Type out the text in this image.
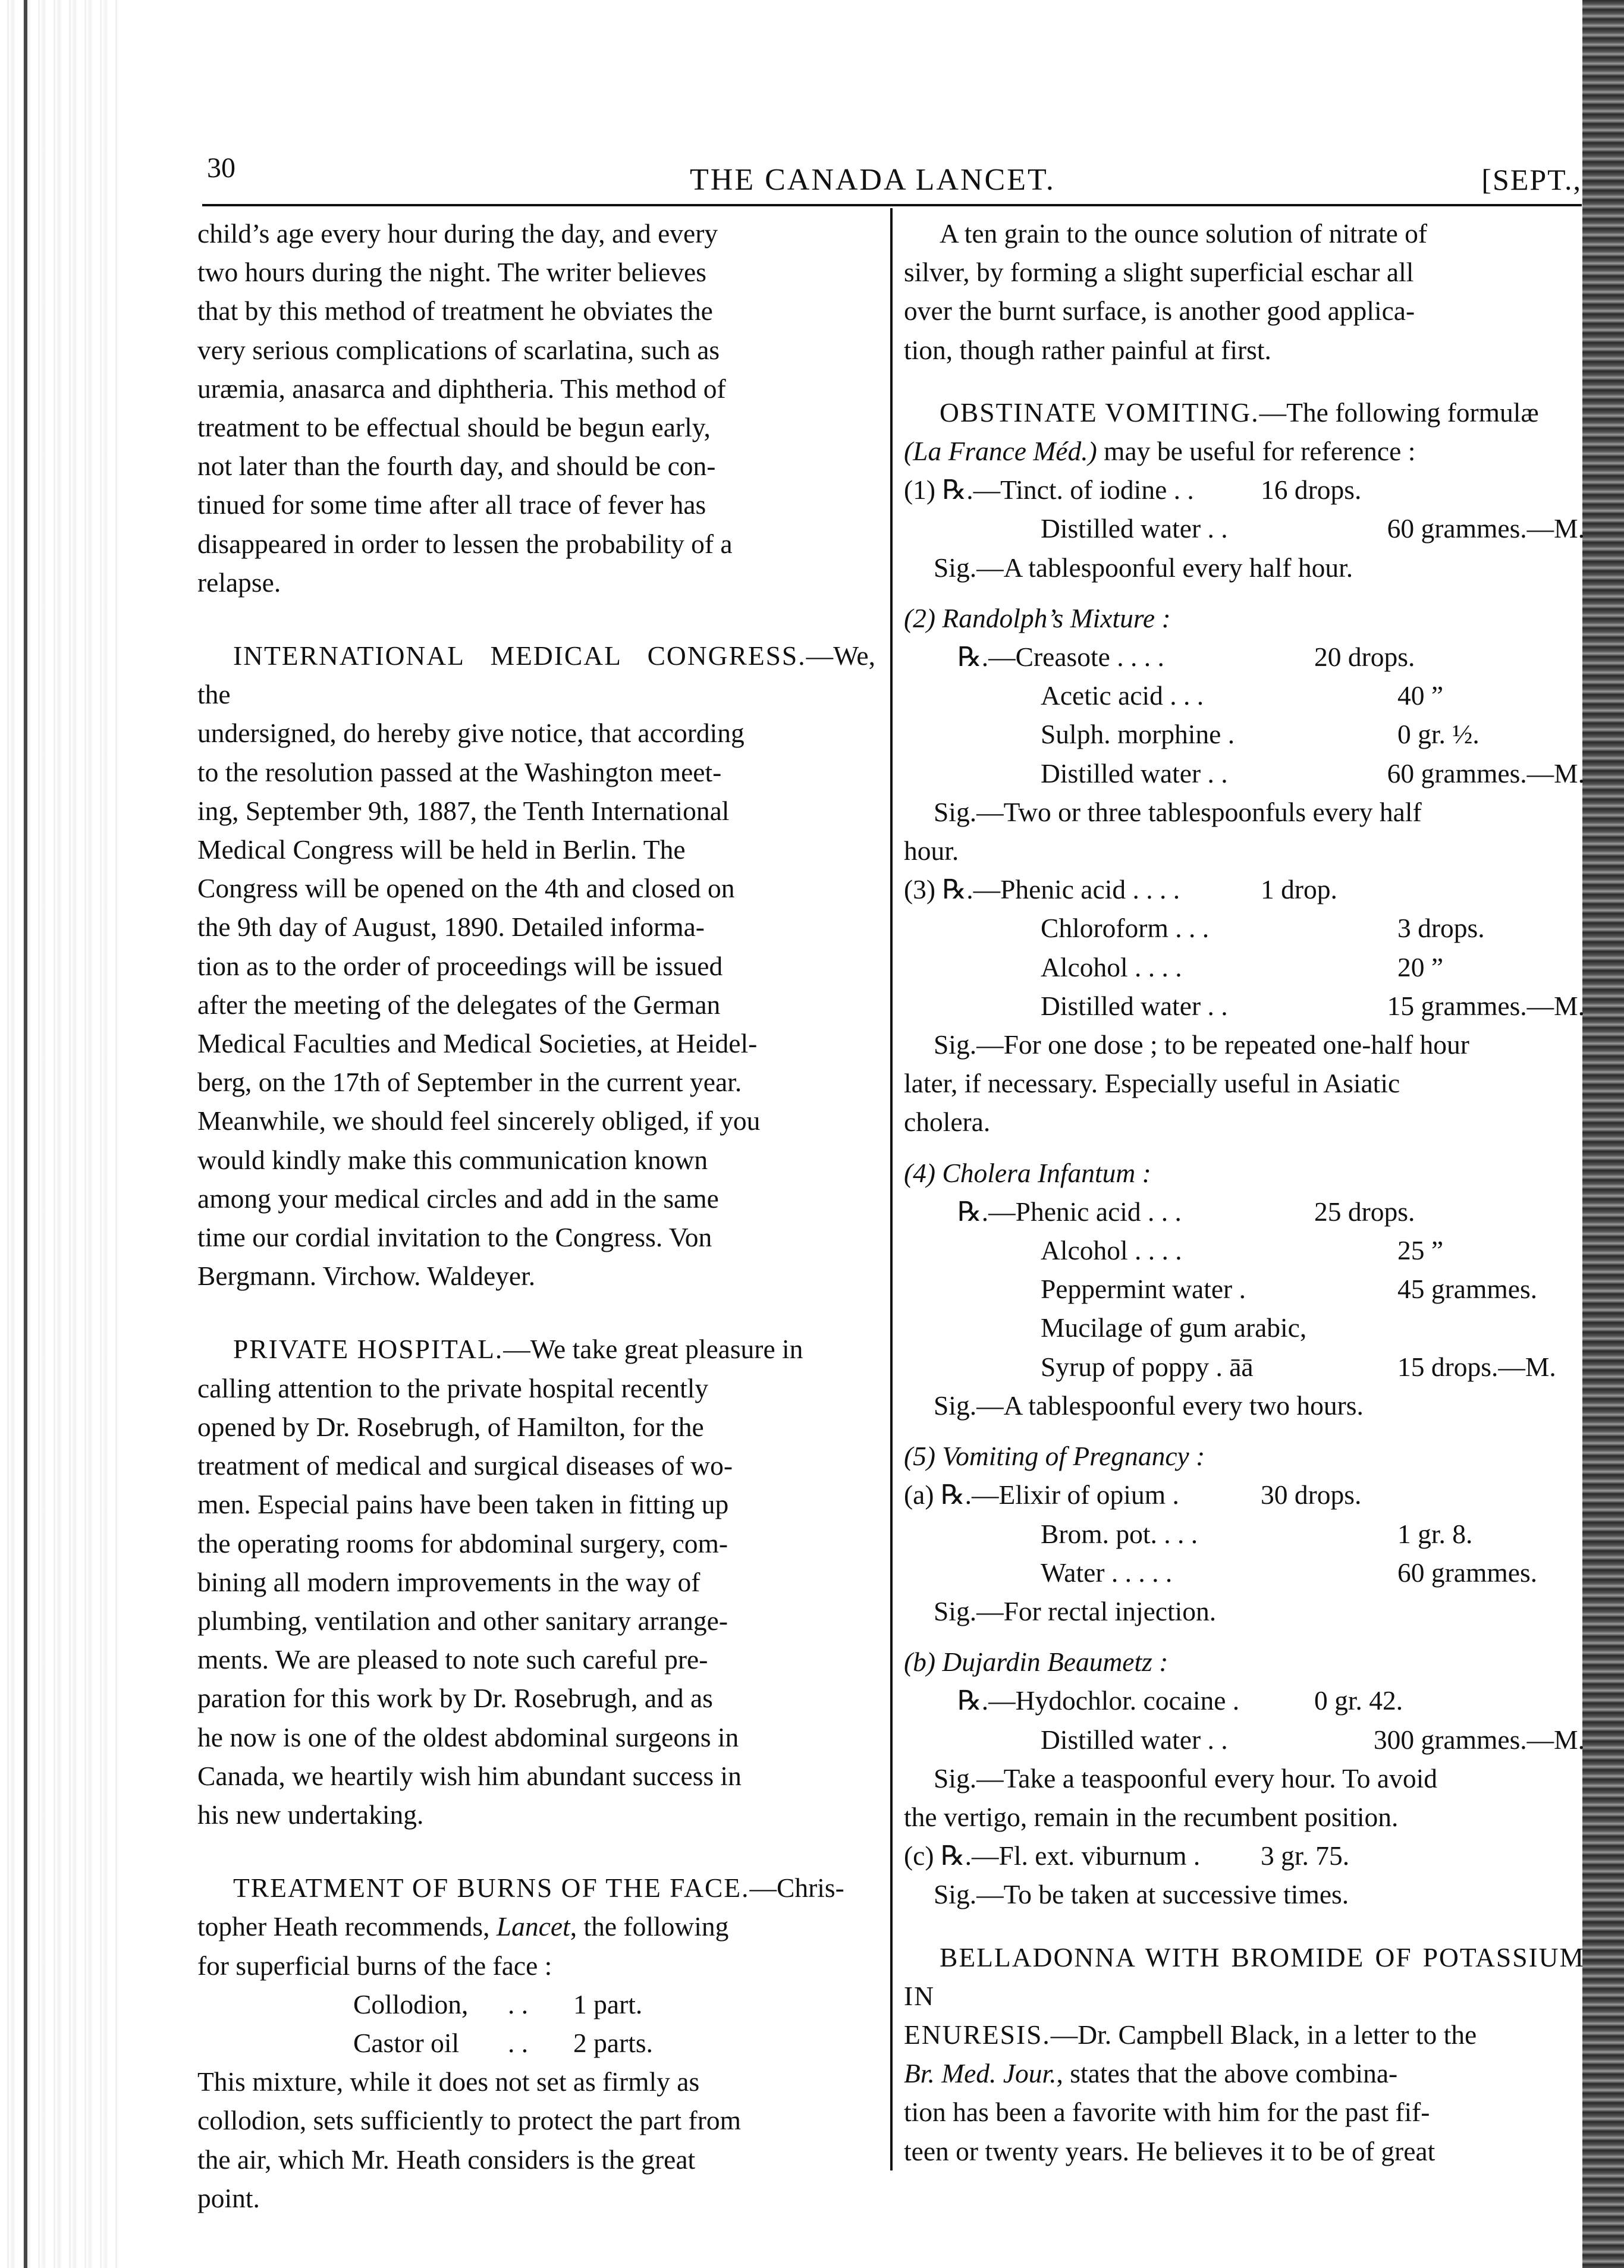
30	THE CANADA LANCET.	[SEPT.,
child’s age every hour during the day, and every
two hours during the night. The writer believes
that by this method of treatment he obviates the
very serious complications of scarlatina, such as
uræmia, anasarca and diphtheria. This method of
treatment to be effectual should be begun early,
not later than the fourth day, and should be con-
tinued for some time after all trace of fever has
disappeared in order to lessen the probability of a
relapse.
INTERNATIONAL MEDICAL CONGRESS.—We, the
undersigned, do hereby give notice, that according
to the resolution passed at the Washington meet-
ing, September 9th, 1887, the Tenth International
Medical Congress will be held in Berlin. The
Congress will be opened on the 4th and closed on
the 9th day of August, 1890. Detailed informa-
tion as to the order of proceedings will be issued
after the meeting of the delegates of the German
Medical Faculties and Medical Societies, at Heidel-
berg, on the 17th of September in the current year.
Meanwhile, we should feel sincerely obliged, if you
would kindly make this communication known
among your medical circles and add in the same
time our cordial invitation to the Congress. Von
Bergmann. Virchow. Waldeyer.
PRIVATE HOSPITAL.—We take great pleasure in
calling attention to the private hospital recently
opened by Dr. Rosebrugh, of Hamilton, for the
treatment of medical and surgical diseases of wo-
men. Especial pains have been taken in fitting up
the operating rooms for abdominal surgery, com-
bining all modern improvements in the way of
plumbing, ventilation and other sanitary arrange-
ments. We are pleased to note such careful pre-
paration for this work by Dr. Rosebrugh, and as
he now is one of the oldest abdominal surgeons in
Canada, we heartily wish him abundant success in
his new undertaking.
TREATMENT OF BURNS OF THE FACE.—Chris-
topher Heath recommends, Lancet, the following
for superficial burns of the face :
Collodion,	. .	1 part.
Castor oil	. .	2 parts.
This mixture, while it does not set as firmly as
collodion, sets sufficiently to protect the part from
the air, which Mr. Heath considers is the great
point.
A ten grain to the ounce solution of nitrate of
silver, by forming a slight superficial eschar all
over the burnt surface, is another good applica-
tion, though rather painful at first.
OBSTINATE VOMITING.—The following formulæ
(La France Méd.) may be useful for reference :
(1) ℞.—Tinct. of iodine . .	16 drops.
Distilled water . .	60 grammes.—M.
Sig.—A tablespoonful every half hour.
(2) Randolph’s Mixture :
℞.—Creasote . . . .	20 drops.
Acetic acid . . .	40 ”
Sulph. morphine .	0 gr. ½.
Distilled water . .	60 grammes.—M.
Sig.—Two or three tablespoonfuls every half
hour.
(3) ℞.—Phenic acid . . . .	1 drop.
Chloroform . . .	3 drops.
Alcohol . . . .	20 ”
Distilled water . .	15 grammes.—M.
Sig.—For one dose ; to be repeated one-half hour
later, if necessary. Especially useful in Asiatic
cholera.
(4) Cholera Infantum :
℞.—Phenic acid . . .	25 drops.
Alcohol . . . .	25 ”
Peppermint water .	45 grammes.
Mucilage of gum arabic,
Syrup of poppy . āā	15 drops.—M.
Sig.—A tablespoonful every two hours.
(5) Vomiting of Pregnancy :
(a) ℞.—Elixir of opium .	30 drops.
Brom. pot. . . .	1 gr. 8.
Water . . . . .	60 grammes.
Sig.—For rectal injection.
(b) Dujardin Beaumetz :
℞.—Hydochlor. cocaine .	0 gr. 42.
Distilled water . .	300 grammes.—M.
Sig.—Take a teaspoonful every hour. To avoid
the vertigo, remain in the recumbent position.
(c) ℞.—Fl. ext. viburnum .	3 gr. 75.
Sig.—To be taken at successive times.
BELLADONNA WITH BROMIDE OF POTASSIUM IN
ENURESIS.—Dr. Campbell Black, in a letter to the
Br. Med. Jour., states that the above combina-
tion has been a favorite with him for the past fif-
teen or twenty years. He believes it to be of great
